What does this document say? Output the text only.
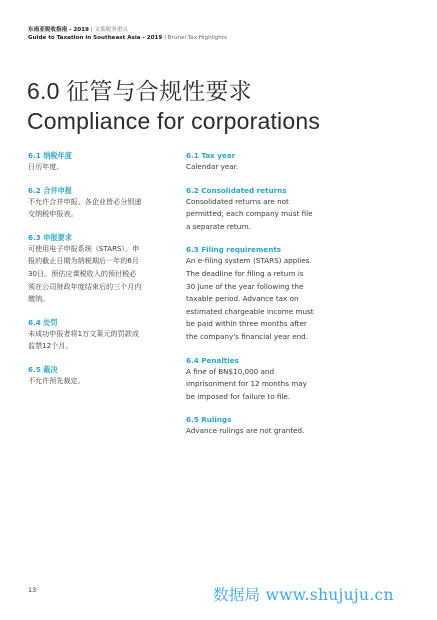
东南亚税收指南 - 2019 | 文莱税务重点
Guide to Taxation in Southeast Asia - 2019 | Brunei Tax Highlights
6.0 征管与合规性要求
Compliance for corporations
6.1 纳税年度
日历年度。
6.2 合并申报
不允许合并申报。各企业皆必分别递
交纳税申报表。
6.3 申报要求
可使用电子申报系统（STARS）。申
报的截止日期为纳税期后一年的6月
30日。预估应课税收入的预付税必
须在公司财政年度结束后的三个月内
缴纳。
6.4 处罚
未成功申报者将1万文莱元的罚款或
监禁12个月。
6.5 裁决
不允许预先裁定。
6.1 Tax year
Calendar year.
6.2 Consolidated returns
Consolidated returns are not
permitted; each company must file
a separate return.
6.3 Filing requirements
An e-filing system (STARS) applies.
The deadline for filing a return is
30 June of the year following the
taxable period. Advance tax on
estimated chargeable income must
be paid within three months after
the company's financial year end.
6.4 Penalties
A fine of BN$10,000 and
imprisonment for 12 months may
be imposed for failure to file.
6.5 Rulings
Advance rulings are not granted.
13	数据局 www.shujuju.cn
